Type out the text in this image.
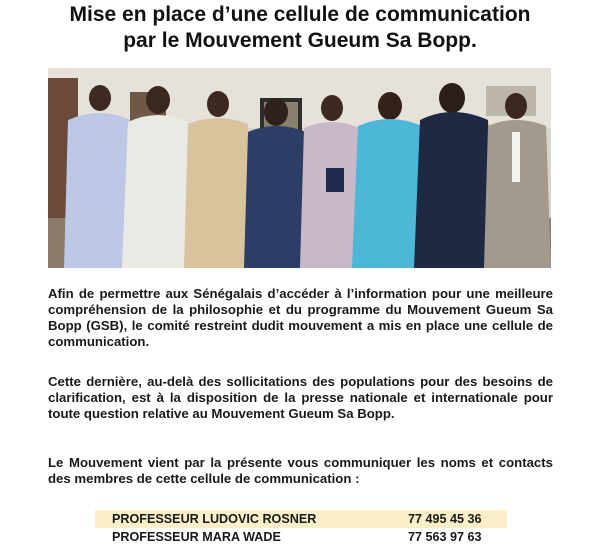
Mise en place d’une cellule de communication
par le Mouvement Gueum Sa Bopp.
Afin de permettre aux Sénégalais d’accéder à l’information pour une meilleure compréhension de la philosophie et du programme du Mouvement Gueum Sa Bopp (GSB), le comité restreint dudit mouvement a mis en place une cellule de communication.
Cette dernière, au-delà des sollicitations des populations pour des besoins de clarification, est à la disposition de la presse nationale et internationale pour toute question relative au Mouvement Gueum Sa Bopp.
Le Mouvement vient par la présente vous communiquer les noms et contacts des membres de cette cellule de communication :
PROFESSEUR LUDOVIC ROSNER	77 495 45 36
PROFESSEUR MARA WADE	77 563 97 63
